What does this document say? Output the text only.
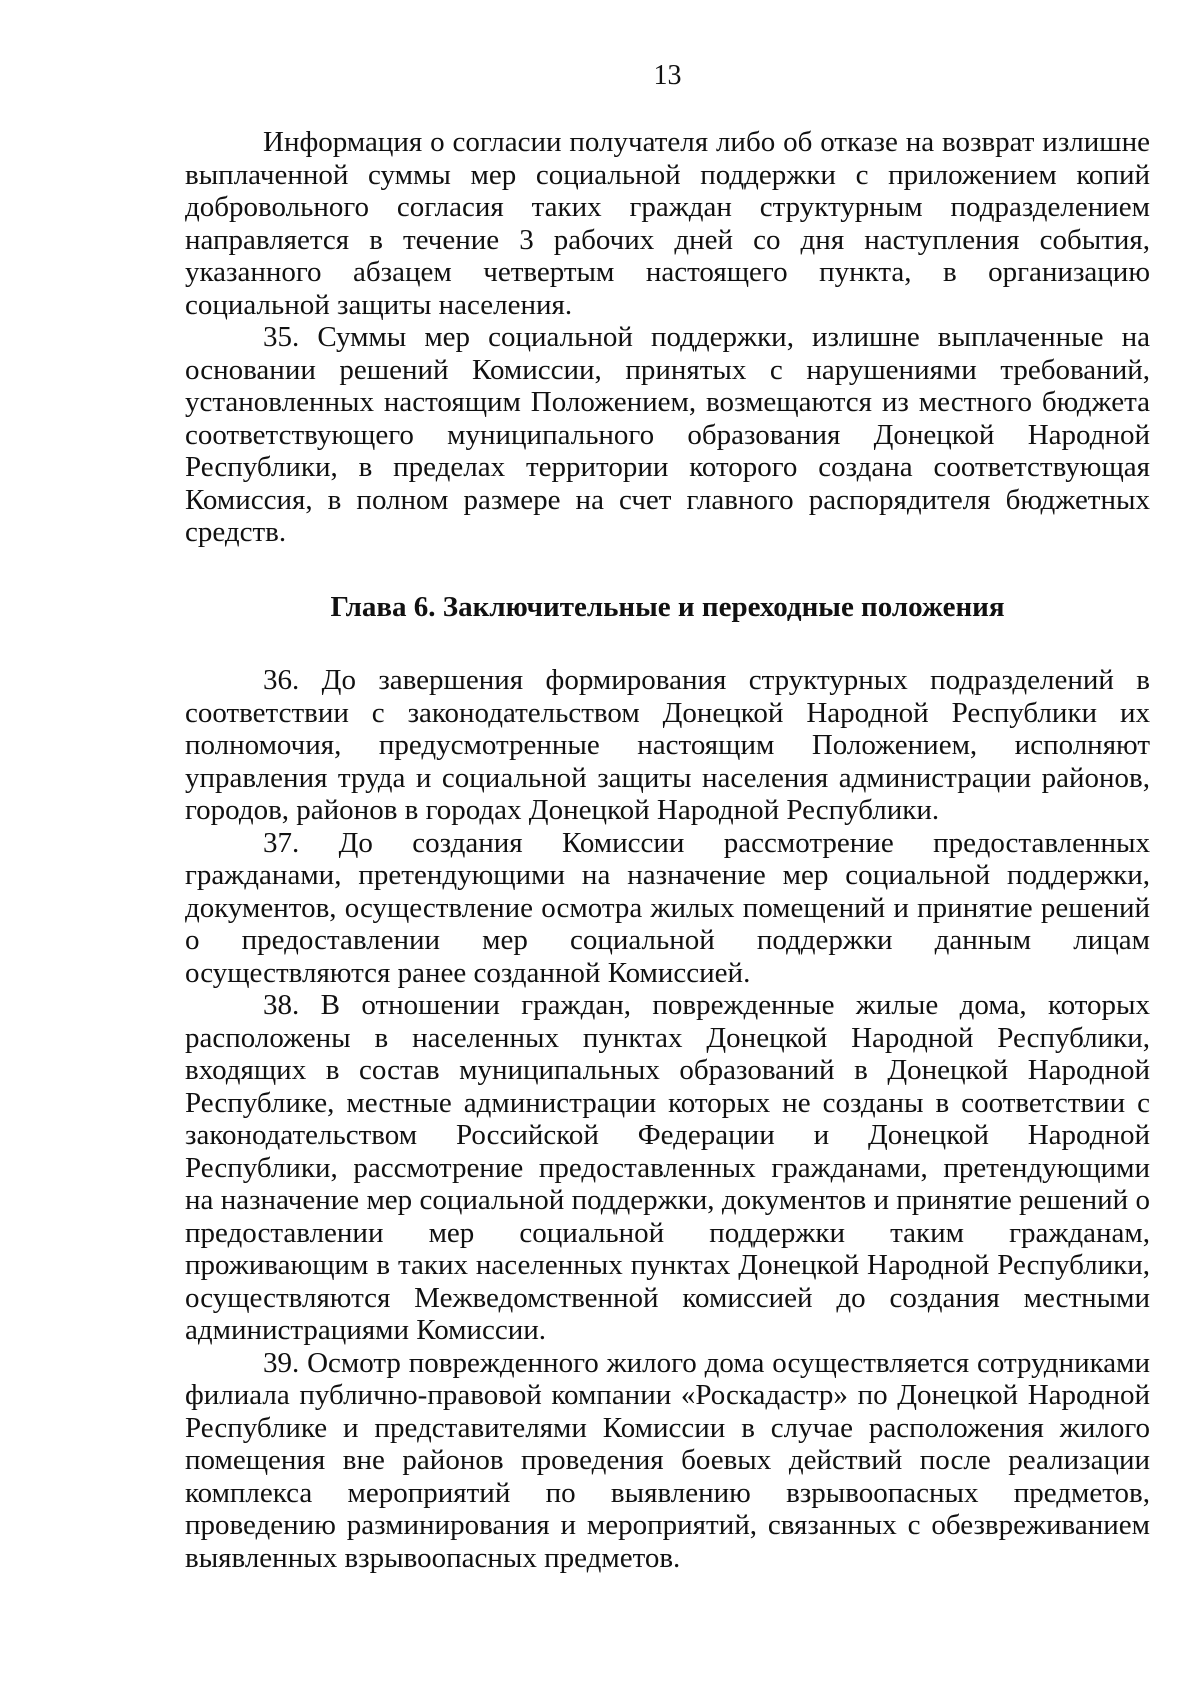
13

Информация о согласии получателя либо об отказе на возврат излишне выплаченной суммы мер социальной поддержки с приложением копий добровольного согласия таких граждан структурным подразделением направляется в течение 3 рабочих дней со дня наступления события, указанного абзацем четвертым настоящего пункта, в организацию социальной защиты населения.

35. Суммы мер социальной поддержки, излишне выплаченные на основании решений Комиссии, принятых с нарушениями требований, установленных настоящим Положением, возмещаются из местного бюджета соответствующего муниципального образования Донецкой Народной Республики, в пределах территории которого создана соответствующая Комиссия, в полном размере на счет главного распорядителя бюджетных средств.

Глава 6. Заключительные и переходные положения

36. До завершения формирования структурных подразделений в соответствии с законодательством Донецкой Народной Республики их полномочия, предусмотренные настоящим Положением, исполняют управления труда и социальной защиты населения администрации районов, городов, районов в городах Донецкой Народной Республики.

37. До создания Комиссии рассмотрение предоставленных гражданами, претендующими на назначение мер социальной поддержки, документов, осуществление осмотра жилых помещений и принятие решений о предоставлении мер социальной поддержки данным лицам осуществляются ранее созданной Комиссией.

38. В отношении граждан, поврежденные жилые дома, которых расположены в населенных пунктах Донецкой Народной Республики, входящих в состав муниципальных образований в Донецкой Народной Республике, местные администрации которых не созданы в соответствии с законодательством Российской Федерации и Донецкой Народной Республики, рассмотрение предоставленных гражданами, претендующими на назначение мер социальной поддержки, документов и принятие решений о предоставлении мер социальной поддержки таким гражданам, проживающим в таких населенных пунктах Донецкой Народной Республики, осуществляются Межведомственной комиссией до создания местными администрациями Комиссии.

39. Осмотр поврежденного жилого дома осуществляется сотрудниками филиала публично-правовой компании «Роскадастр» по Донецкой Народной Республике и представителями Комиссии в случае расположения жилого помещения вне районов проведения боевых действий после реализации комплекса мероприятий по выявлению взрывоопасных предметов, проведению разминирования и мероприятий, связанных с обезвреживанием выявленных взрывоопасных предметов.
